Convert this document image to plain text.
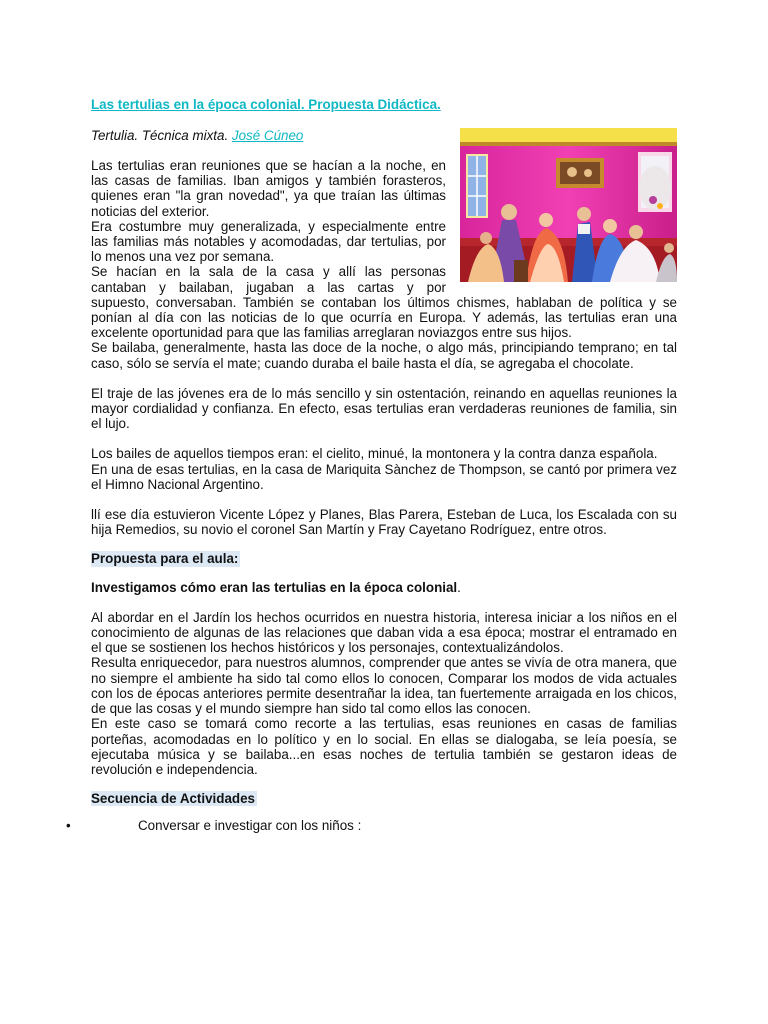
Las tertulias en la época colonial. Propuesta Didáctica.
Tertulia. Técnica mixta. José Cúneo

Las tertulias eran reuniones que se hacían a la noche, en las casas de familias. Iban amigos y también forasteros, quienes eran "la gran novedad", ya que traían las últimas noticias del exterior.

Era costumbre muy generalizada, y especialmente entre las familias más notables y acomodadas, dar tertulias, por lo menos una vez por semana.

Se hacían en la sala de la casa y allí las personas cantaban y bailaban, jugaban a las cartas y por

supuesto, conversaban. También se contaban los últimos chismes, hablaban de política y se ponían al día con las noticias de lo que ocurría en Europa. Y además, las tertulias eran una excelente oportunidad para que las familias arreglaran noviazgos entre sus hijos.

Se bailaba, generalmente, hasta las doce de la noche, o algo más, principiando temprano; en tal caso, sólo se servía el mate; cuando duraba el baile hasta el día, se agregaba el chocolate.

El traje de las jóvenes era de lo más sencillo y sin ostentación, reinando en aquellas reuniones la mayor cordialidad y confianza. En efecto, esas tertulias eran verdaderas reuniones de familia, sin el lujo.

Los bailes de aquellos tiempos eran: el cielito, minué, la montonera y la contra danza española.

En una de esas tertulias, en la casa de Mariquita Sànchez de Thompson, se cantó por primera vez el Himno Nacional Argentino.

llí ese día estuvieron Vicente López y Planes, Blas Parera, Esteban de Luca, los Escalada con su hija Remedios, su novio el coronel San Martín y Fray Cayetano Rodríguez, entre otros.

Propuesta para el aula:
Investigamos cómo eran las tertulias en la época colonial.

Al abordar en el Jardín los hechos ocurridos en nuestra historia, interesa iniciar a los niños en el conocimiento de algunas de las relaciones que daban vida a esa época; mostrar el entramado en el que se sostienen los hechos históricos y los personajes, contextualizándolos.

Resulta enriquecedor, para nuestros alumnos, comprender que antes se vivía de otra manera, que no siempre el ambiente ha sido tal como ellos lo conocen, Comparar los modos de vida actuales con los de épocas anteriores permite desentrañar la idea, tan fuertemente arraigada en los chicos, de que las cosas y el mundo siempre han sido tal como ellos las conocen.

En este caso se tomará como recorte a las tertulias, esas reuniones en casas de familias porteñas, acomodadas en lo político y en lo social. En ellas se dialogaba, se leía poesía, se ejecutaba música y se bailaba...en esas noches de tertulia también se gestaron ideas de revolución e independencia.

Secuencia de Actividades
•	Conversar e investigar con los niños :
